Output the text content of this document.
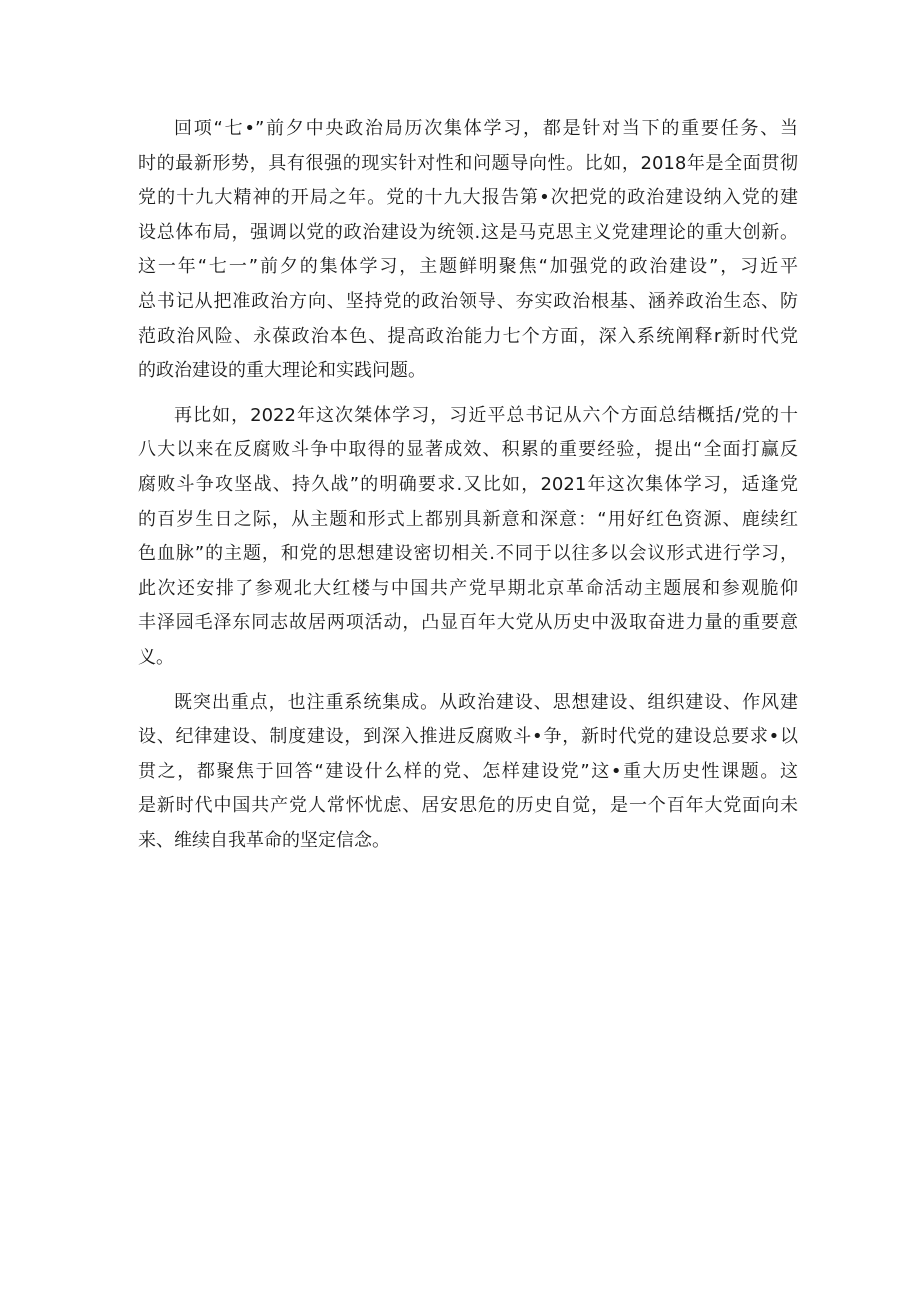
回项“七•”前夕中央政治局历次集体学习，都是针对当下的重要任务、当
时的最新形势，具有很强的现实针对性和问题导向性。比如，2018年是全面贯彻
党的十九大精神的开局之年。党的十九大报告第•次把党的政治建设纳入党的建
设总体布局，强调以党的政治建设为统领.这是马克思主义党建理论的重大创新。
这一年“七一”前夕的集体学习，主题鲜明聚焦“加强党的政治建设”，习近平
总书记从把准政治方向、坚持党的政治领导、夯实政治根基、涵养政治生态、防
范政治风险、永葆政治本色、提高政治能力七个方面，深入系统阐释r新时代党
的政治建设的重大理论和实践问题。

再比如，2022年这次桀体学习，习近平总书记从六个方面总结概括/党的十
八大以来在反腐败斗争中取得的显著成效、积累的重要经验，提出“全面打赢反
腐败斗争攻坚战、持久战”的明确要求.又比如，2021年这次集体学习，适逢党
的百岁生日之际，从主题和形式上都别具新意和深意：“用好红色资源、鹿续红
色血脉”的主题，和党的思想建设密切相关.不同于以往多以会议形式进行学习，
此次还安排了参观北大红楼与中国共产党早期北京革命活动主题展和参观脆仰
丰泽园毛泽东同志故居两项活动，凸显百年大党从历史中汲取奋进力量的重要意
义。

既突出重点，也注重系统集成。从政治建设、思想建设、组织建设、作风建
设、纪律建设、制度建设，到深入推进反腐败斗•争，新时代党的建设总要求•以
贯之，都聚焦于回答“建设什么样的党、怎样建设党”这•重大历史性课题。这
是新时代中国共产党人常怀忧虑、居安思危的历史自觉，是一个百年大党面向未
来、维续自我革命的坚定信念。
